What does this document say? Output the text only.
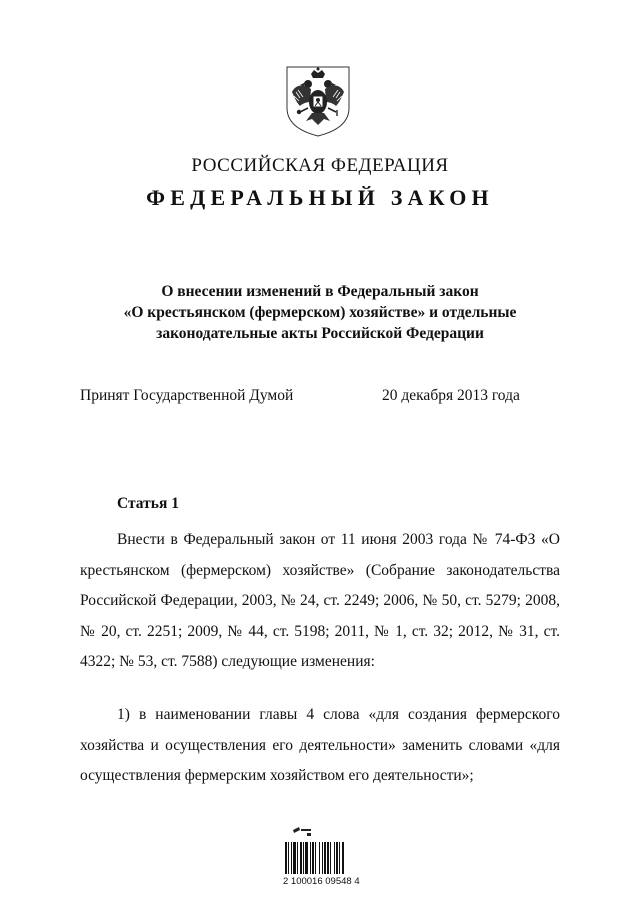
РОССИЙСКАЯ ФЕДЕРАЦИЯ
ФЕДЕРАЛЬНЫЙ ЗАКОН
О внесении изменений в Федеральный закон
«О крестьянском (фермерском) хозяйстве» и отдельные
законодательные акты Российской Федерации
Принят Государственной Думой	20 декабря 2013 года
Статья 1

Внести в Федеральный закон от 11 июня 2003 года № 74-ФЗ «О крестьянском (фермерском) хозяйстве» (Собрание законодательства Российской Федерации, 2003, № 24, ст. 2249; 2006, № 50, ст. 5279; 2008, № 20, ст. 2251; 2009, № 44, ст. 5198; 2011, № 1, ст. 32; 2012, № 31, ст. 4322; № 53, ст. 7588) следующие изменения:

1) в наименовании главы 4 слова «для создания фермерского хозяйства и осуществления его деятельности» заменить словами «для осуществления фермерским хозяйством его деятельности»;

2 100016 09548 4
